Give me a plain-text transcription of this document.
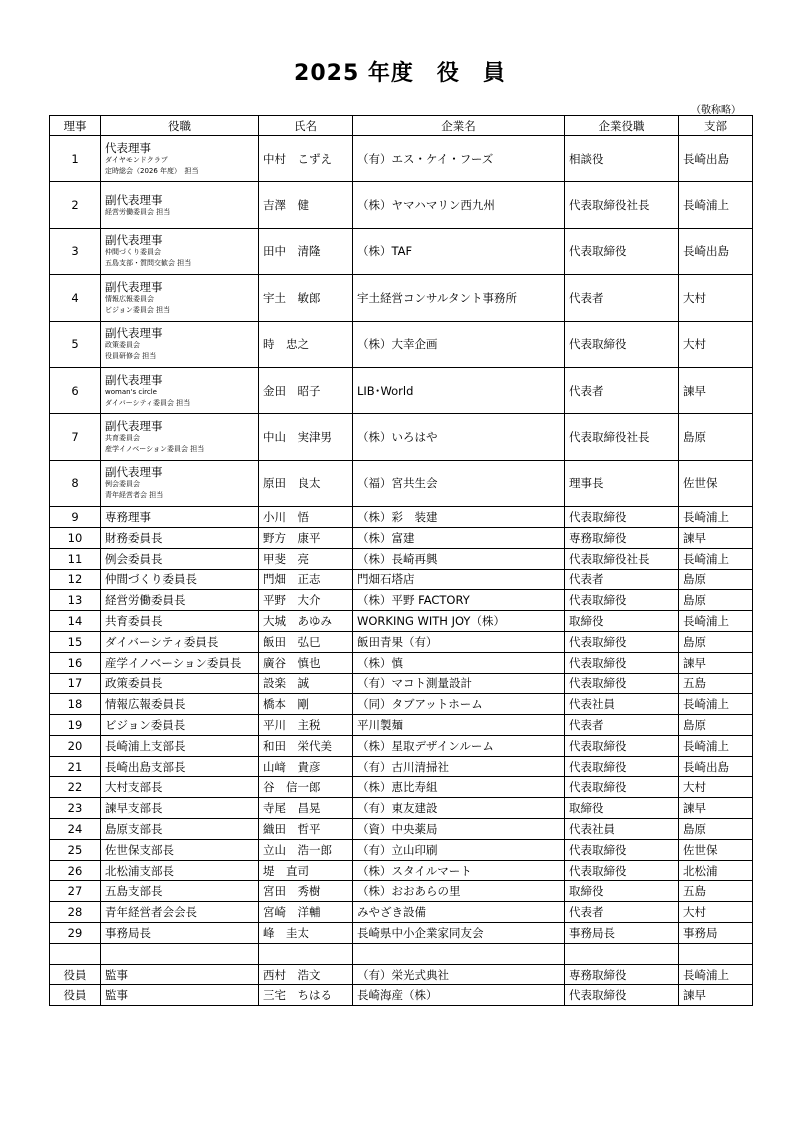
2025 年度　役　員
（敬称略）
理事	役職	氏名	企業名	企業役職	支部
1	代表理事
ダイヤモンドクラブ
定時総会（2026 年度）　担当	中村　こずえ	（有）エス・ケイ・フーズ	相談役	長崎出島
2	副代表理事
経営労働委員会 担当	吉澤　健	（株）ヤマハマリン西九州	代表取締役社長	長崎浦上
3	副代表理事
仲間づくり委員会
五島支部・質問交歓会 担当	田中　清隆	（株）TAF	代表取締役	長崎出島
4	副代表理事
情報広報委員会
ビジョン委員会 担当	宇土　敏郎	宇土経営コンサルタント事務所	代表者	大村
5	副代表理事
政策委員会
役員研修会 担当	時　忠之	（株）大幸企画	代表取締役	大村
6	副代表理事
woman's circle
ダイバーシティ委員会 担当	金田　昭子	LIB･World	代表者	諫早
7	副代表理事
共育委員会
産学イノベーション委員会 担当	中山　実津男	（株）いろはや	代表取締役社長	島原
8	副代表理事
例会委員会
青年経営者会 担当	原田　良太	（福）宮共生会	理事長	佐世保
9	専務理事	小川　悟	（株）彩　装建	代表取締役	長崎浦上
10	財務委員長	野方　康平	（株）富建	専務取締役	諫早
11	例会委員長	甲斐　亮	（株）長崎再興	代表取締役社長	長崎浦上
12	仲間づくり委員長	門畑　正志	門畑石塔店	代表者	島原
13	経営労働委員長	平野　大介	（株）平野 FACTORY	代表取締役	島原
14	共育委員長	大城　あゆみ	WORKING WITH JOY（株）	取締役	長崎浦上
15	ダイバーシティ委員長	飯田　弘巳	飯田青果（有）	代表取締役	島原
16	産学イノベーション委員長	廣谷　慎也	（株）慎	代表取締役	諫早
17	政策委員長	設楽　誠	（有）マコト測量設計	代表取締役	五島
18	情報広報委員長	橋本　剛	（同）タブアットホーム	代表社員	長崎浦上
19	ビジョン委員長	平川　主税	平川製麺	代表者	島原
20	長崎浦上支部長	和田　栄代美	（株）星取デザインルーム	代表取締役	長崎浦上
21	長崎出島支部長	山﨑　貴彦	（有）古川清掃社	代表取締役	長崎出島
22	大村支部長	谷　信一郎	（株）恵比寿組	代表取締役	大村
23	諫早支部長	寺尾　昌晃	（有）東友建設	取締役	諫早
24	島原支部長	織田　哲平	（資）中央薬局	代表社員	島原
25	佐世保支部長	立山　浩一郎	（有）立山印刷	代表取締役	佐世保
26	北松浦支部長	堤　直司	（株）スタイルマート	代表取締役	北松浦
27	五島支部長	宮田　秀樹	（株）おおあらの里	取締役	五島
28	青年経営者会会長	宮崎　洋輔	みやざき設備	代表者	大村
29	事務局長	峰　圭太	長崎県中小企業家同友会	事務局長	事務局

役員	監事	西村　浩文	（有）栄光式典社	専務取締役	長崎浦上
役員	監事	三宅　ちはる	長崎海産（株）	代表取締役	諫早
